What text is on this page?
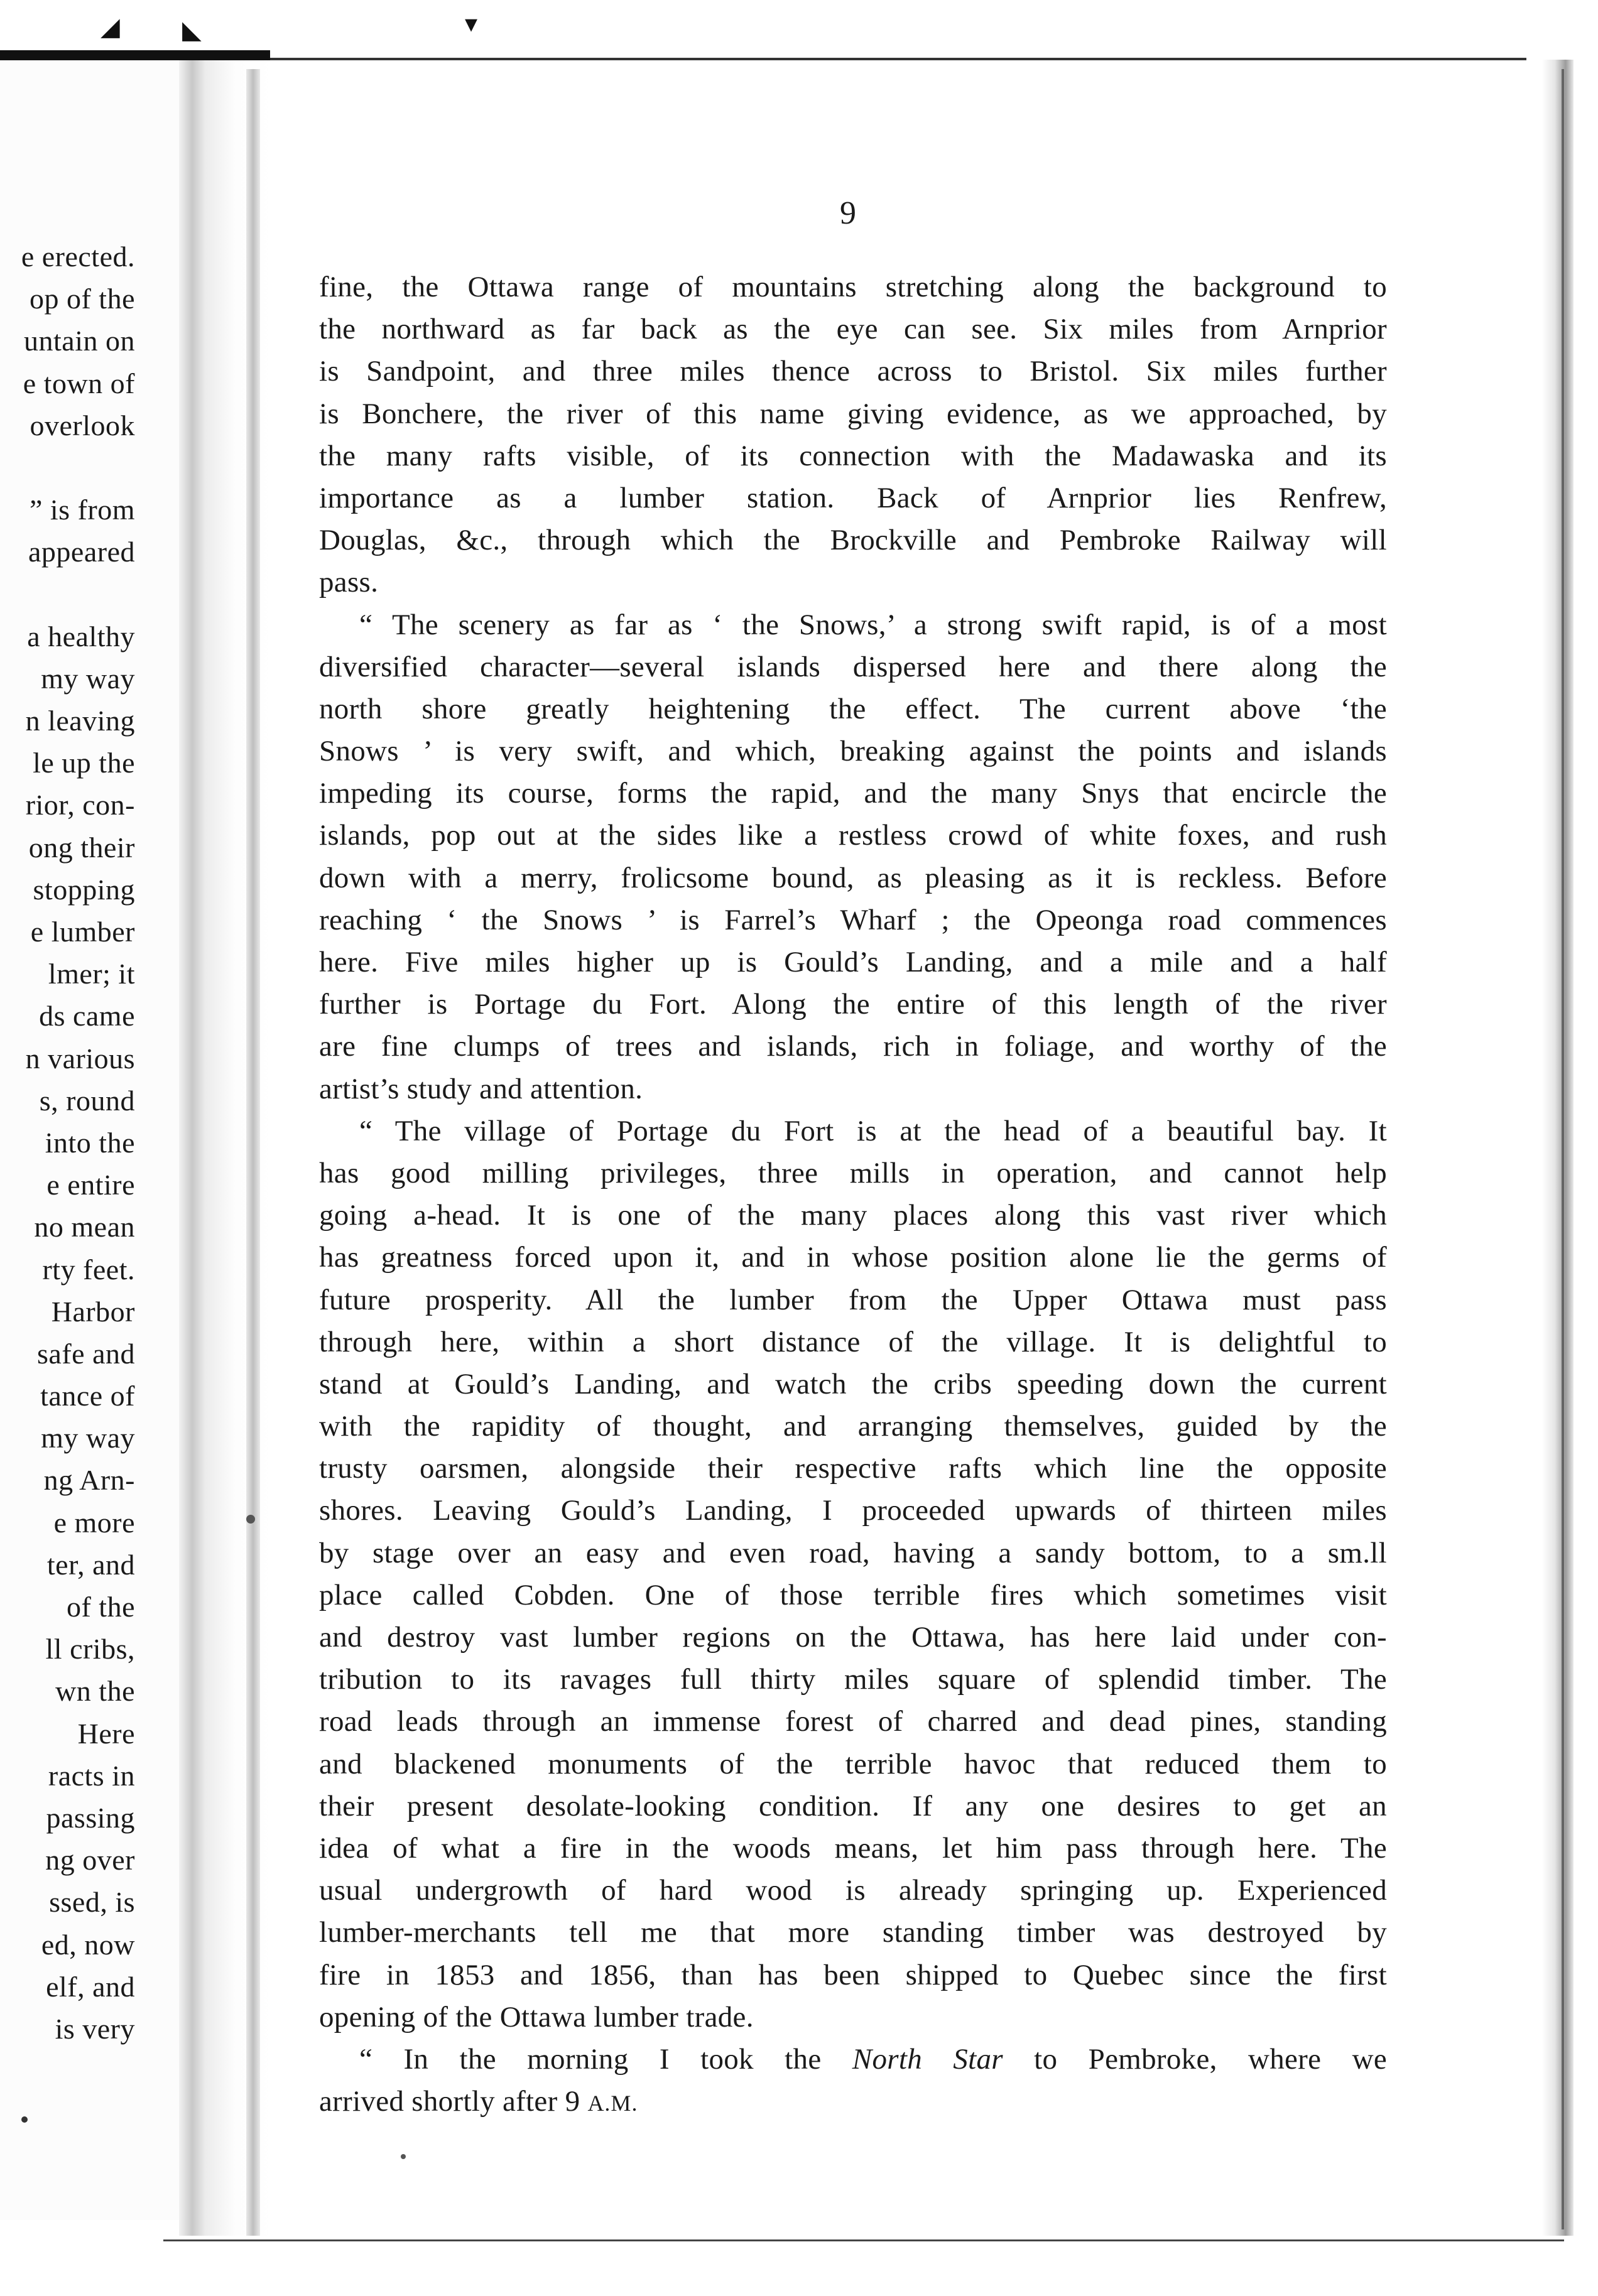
e erected.
op of the
untain on
e town of
overlook
” is from
appeared
a healthy
my way
n leaving
le up the
rior, con-
ong their
stopping
e lumber
lmer; it
ds came
n various
s, round
into the
e entire
no mean
rty feet.
Harbor
safe and
tance of
my way
ng Arn-
e more
ter, and
of the
ll cribs,
wn the
Here
racts in
passing
ng over
ssed, is
ed, now
elf, and
is very
◢ ◣	▾
9
fine, the Ottawa range of mountains stretching along the background to
the northward as far back as the eye can see. Six miles from Arnprior
is Sandpoint, and three miles thence across to Bristol. Six miles further
is Bonchere, the river of this name giving evidence, as we approached, by
the many rafts visible, of its connection with the Madawaska and its
importance as a lumber station. Back of Arnprior lies Renfrew,
Douglas, &c., through which the Brockville and Pembroke Railway will
pass.
“ The scenery as far as ‘ the Snows,’ a strong swift rapid, is of a most
diversified character—several islands dispersed here and there along the
north shore greatly heightening the effect. The current above ‘the
Snows ’ is very swift, and which, breaking against the points and islands
impeding its course, forms the rapid, and the many Snys that encircle the
islands, pop out at the sides like a restless crowd of white foxes, and rush
down with a merry, frolicsome bound, as pleasing as it is reckless. Before
reaching ‘ the Snows ’ is Farrel’s Wharf ; the Opeonga road commences
here. Five miles higher up is Gould’s Landing, and a mile and a half
further is Portage du Fort. Along the entire of this length of the river
are fine clumps of trees and islands, rich in foliage, and worthy of the
artist’s study and attention.
“ The village of Portage du Fort is at the head of a beautiful bay. It
has good milling privileges, three mills in operation, and cannot help
going a-head. It is one of the many places along this vast river which
has greatness forced upon it, and in whose position alone lie the germs of
future prosperity. All the lumber from the Upper Ottawa must pass
through here, within a short distance of the village. It is delightful to
stand at Gould’s Landing, and watch the cribs speeding down the current
with the rapidity of thought, and arranging themselves, guided by the
trusty oarsmen, alongside their respective rafts which line the opposite
shores. Leaving Gould’s Landing, I proceeded upwards of thirteen miles
by stage over an easy and even road, having a sandy bottom, to a sm.ll
place called Cobden. One of those terrible fires which sometimes visit
and destroy vast lumber regions on the Ottawa, has here laid under con-
tribution to its ravages full thirty miles square of splendid timber. The
road leads through an immense forest of charred and dead pines, standing
and blackened monuments of the terrible havoc that reduced them to
their present desolate-looking condition. If any one desires to get an
idea of what a fire in the woods means, let him pass through here. The
usual undergrowth of hard wood is already springing up. Experienced
lumber-merchants tell me that more standing timber was destroyed by
fire in 1853 and 1856, than has been shipped to Quebec since the first
opening of the Ottawa lumber trade.
“ In the morning I took the North Star to Pembroke, where we
arrived shortly after 9 A.M.
